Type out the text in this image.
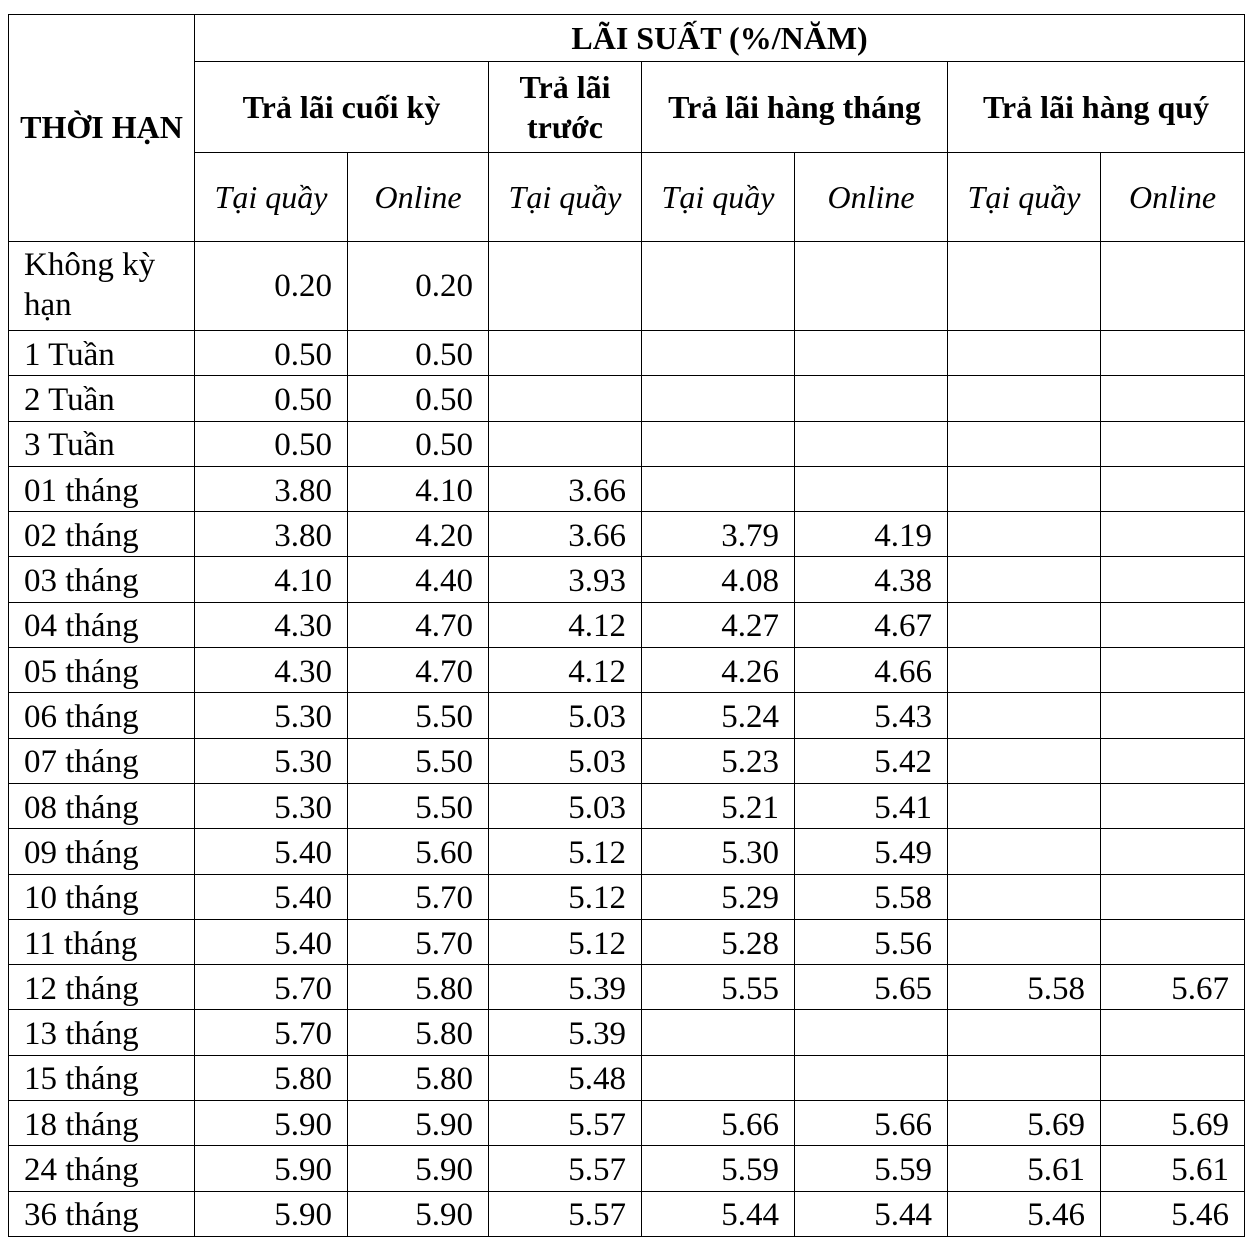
THỜI HẠN	LÃI SUẤT (%/NĂM)						
	Trả lãi cuối kỳ		Trả lãi trước	Trả lãi hàng tháng		Trả lãi hàng quý	
	Tại quầy	Online	Tại quầy	Tại quầy	Online	Tại quầy	Online
Không kỳ hạn	0.20	0.20					
1 Tuần	0.50	0.50					
2 Tuần	0.50	0.50					
3 Tuần	0.50	0.50					
01 tháng	3.80	4.10	3.66				
02 tháng	3.80	4.20	3.66	3.79	4.19		
03 tháng	4.10	4.40	3.93	4.08	4.38		
04 tháng	4.30	4.70	4.12	4.27	4.67		
05 tháng	4.30	4.70	4.12	4.26	4.66		
06 tháng	5.30	5.50	5.03	5.24	5.43		
07 tháng	5.30	5.50	5.03	5.23	5.42		
08 tháng	5.30	5.50	5.03	5.21	5.41		
09 tháng	5.40	5.60	5.12	5.30	5.49		
10 tháng	5.40	5.70	5.12	5.29	5.58		
11 tháng	5.40	5.70	5.12	5.28	5.56		
12 tháng	5.70	5.80	5.39	5.55	5.65	5.58	5.67
13 tháng	5.70	5.80	5.39				
15 tháng	5.80	5.80	5.48				
18 tháng	5.90	5.90	5.57	5.66	5.66	5.69	5.69
24 tháng	5.90	5.90	5.57	5.59	5.59	5.61	5.61
36 tháng	5.90	5.90	5.57	5.44	5.44	5.46	5.46
